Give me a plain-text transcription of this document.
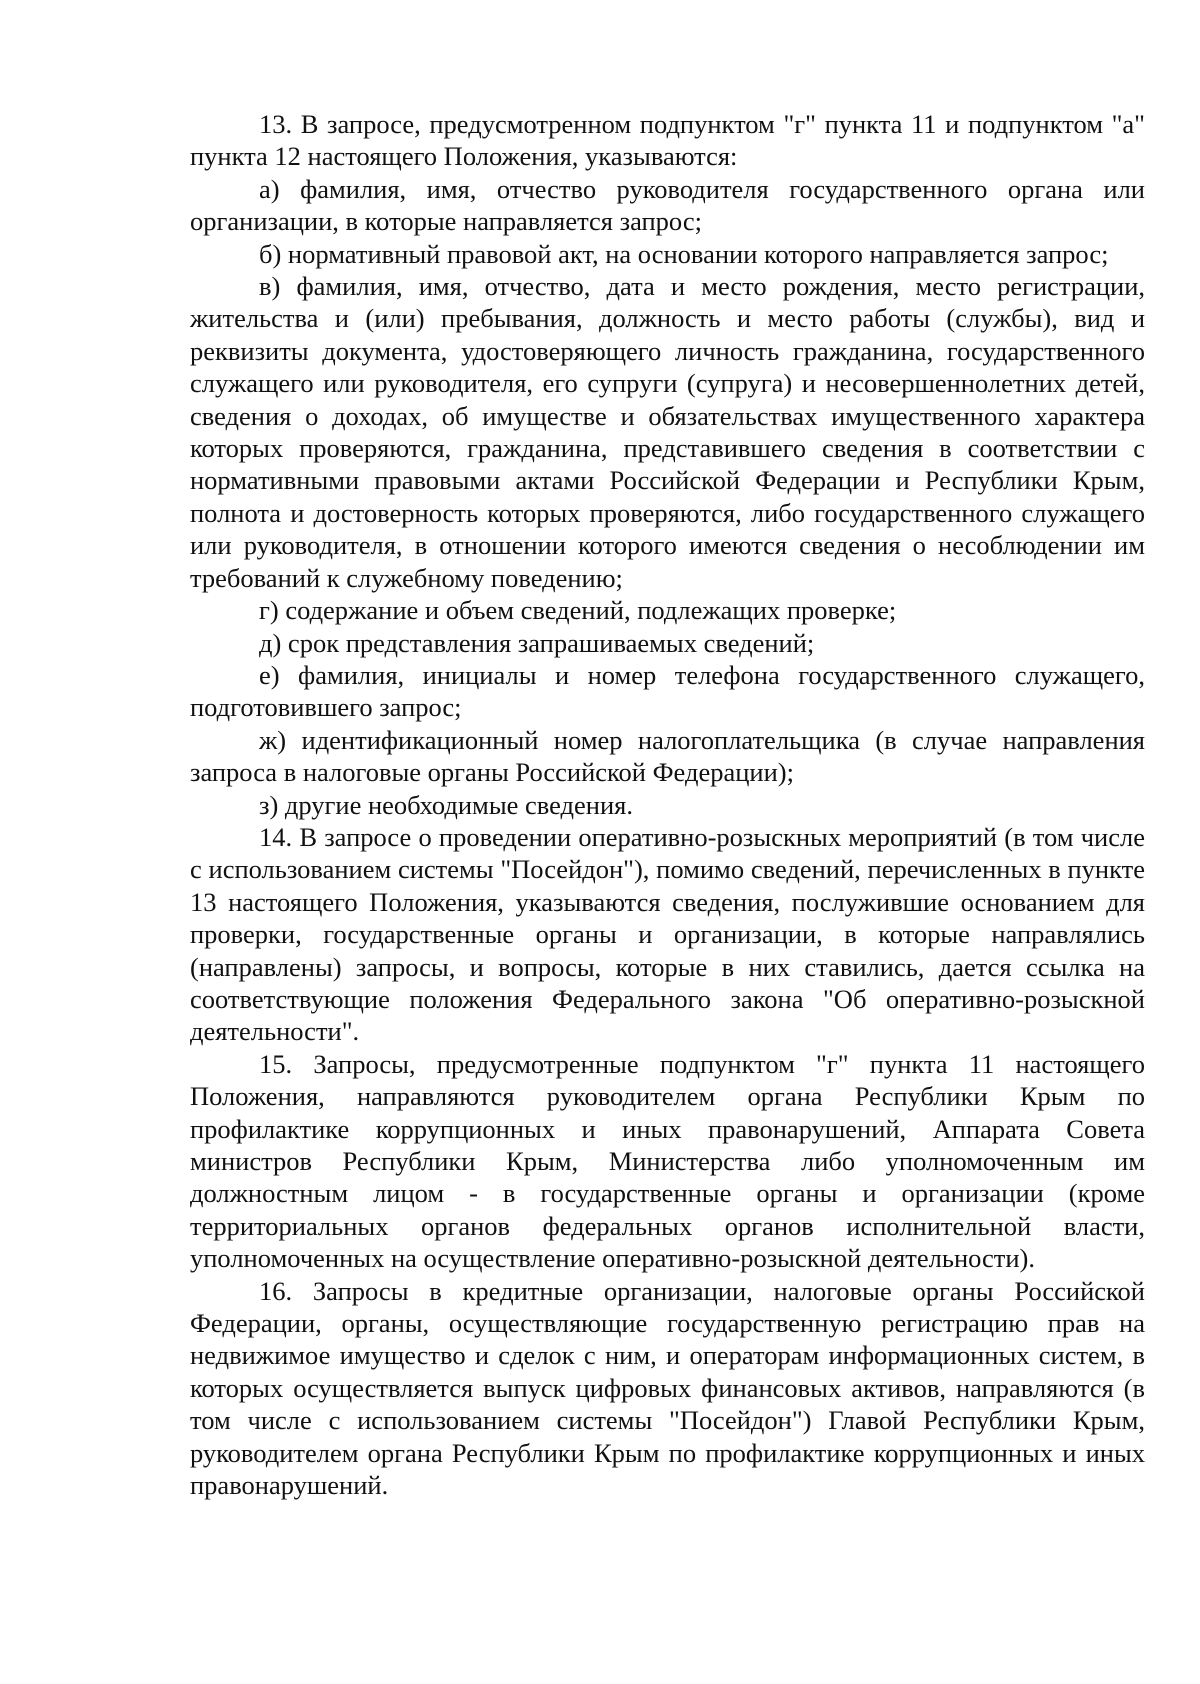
13. В запросе, предусмотренном подпунктом "г" пункта 11 и подпунктом "а" пункта 12 настоящего Положения, указываются:

а) фамилия, имя, отчество руководителя государственного органа или организации, в которые направляется запрос;

б) нормативный правовой акт, на основании которого направляется запрос;

в) фамилия, имя, отчество, дата и место рождения, место регистрации, жительства и (или) пребывания, должность и место работы (службы), вид и реквизиты документа, удостоверяющего личность гражданина, государственного служащего или руководителя, его супруги (супруга) и несовершеннолетних детей, сведения о доходах, об имуществе и обязательствах имущественного характера которых проверяются, гражданина, представившего сведения в соответствии с нормативными правовыми актами Российской Федерации и Республики Крым, полнота и достоверность которых проверяются, либо государственного служащего или руководителя, в отношении которого имеются сведения о несоблюдении им требований к служебному поведению;

г) содержание и объем сведений, подлежащих проверке;

д) срок представления запрашиваемых сведений;

е) фамилия, инициалы и номер телефона государственного служащего, подготовившего запрос;

ж) идентификационный номер налогоплательщика (в случае направления запроса в налоговые органы Российской Федерации);

з) другие необходимые сведения.

14. В запросе о проведении оперативно-розыскных мероприятий (в том числе с использованием системы "Посейдон"), помимо сведений, перечисленных в пункте 13 настоящего Положения, указываются сведения, послужившие основанием для проверки, государственные органы и организации, в которые направлялись (направлены) запросы, и вопросы, которые в них ставились, дается ссылка на соответствующие положения Федерального закона "Об оперативно-розыскной деятельности".

15. Запросы, предусмотренные подпунктом "г" пункта 11 настоящего Положения, направляются руководителем органа Республики Крым по профилактике коррупционных и иных правонарушений, Аппарата Совета министров Республики Крым, Министерства либо уполномоченным им должностным лицом - в государственные органы и организации (кроме территориальных органов федеральных органов исполнительной власти, уполномоченных на осуществление оперативно-розыскной деятельности).

16. Запросы в кредитные организации, налоговые органы Российской Федерации, органы, осуществляющие государственную регистрацию прав на недвижимое имущество и сделок с ним, и операторам информационных систем, в которых осуществляется выпуск цифровых финансовых активов, направляются (в том числе с использованием системы "Посейдон") Главой Республики Крым, руководителем органа Республики Крым по профилактике коррупционных и иных правонарушений.
